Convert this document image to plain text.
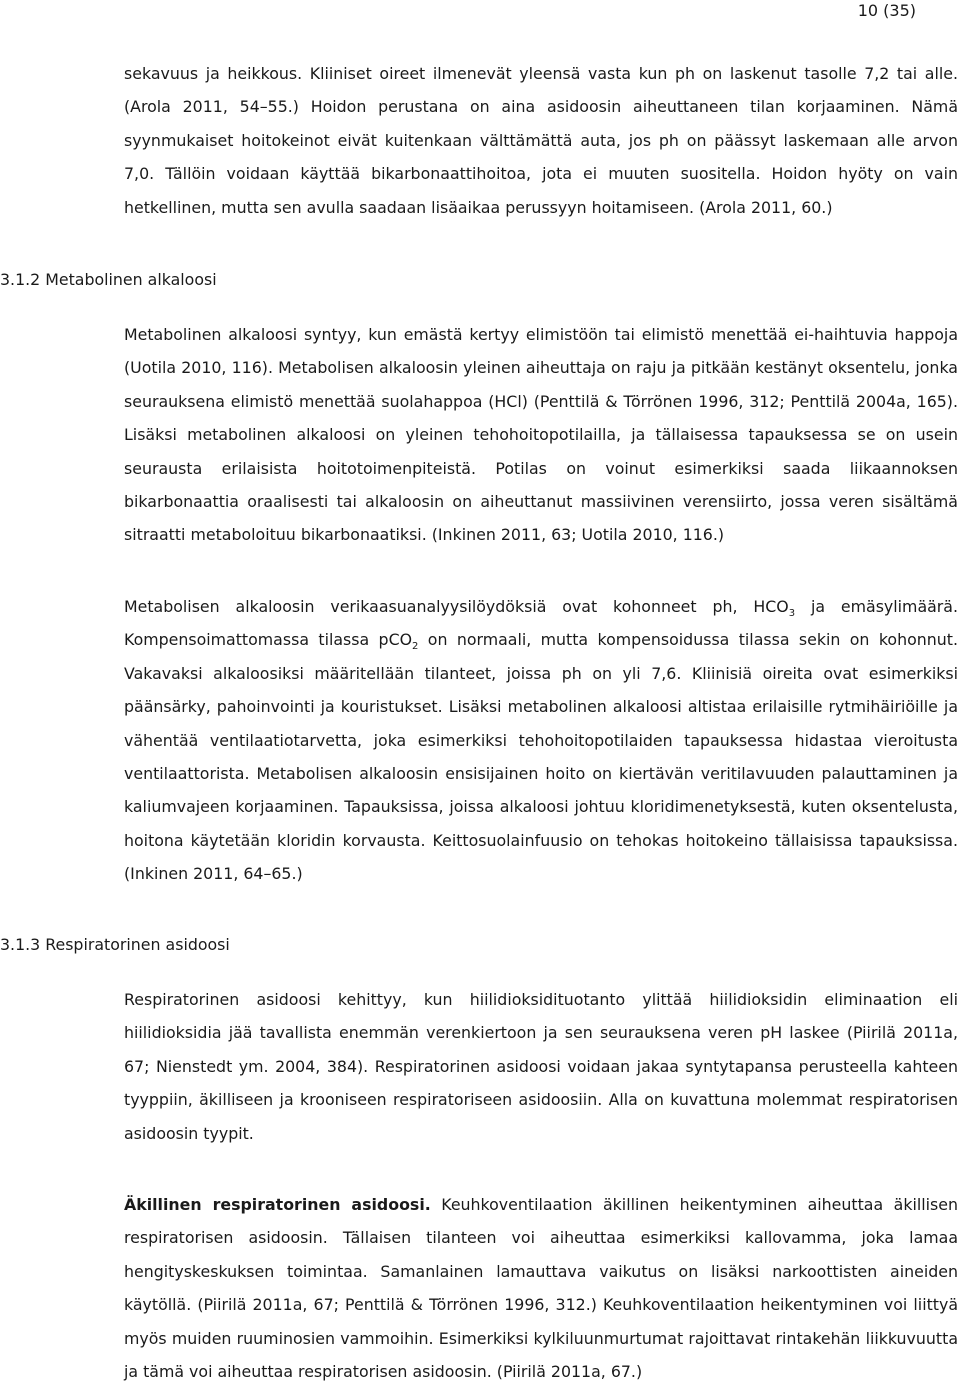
10 (35)

sekavuus ja heikkous. Kliiniset oireet ilmenevät yleensä vasta kun ph on laskenut tasolle 7,2 tai alle. (Arola 2011, 54–55.) Hoidon perustana on aina asidoosin aiheuttaneen tilan korjaaminen. Nämä syynmukaiset hoitokeinot eivät kuitenkaan välttämättä auta, jos ph on päässyt laskemaan alle arvon 7,0. Tällöin voidaan käyttää bikarbonaattihoitoa, jota ei muuten suositella. Hoidon hyöty on vain hetkellinen, mutta sen avulla saadaan lisäaikaa perussyyn hoitamiseen. (Arola 2011, 60.)

3.1.2 Metabolinen alkaloosi

Metabolinen alkaloosi syntyy, kun emästä kertyy elimistöön tai elimistö menettää ei-haihtuvia happoja (Uotila 2010, 116). Metabolisen alkaloosin yleinen aiheuttaja on raju ja pitkään kestänyt oksentelu, jonka seurauksena elimistö menettää suolahappoa (HCl) (Penttilä & Törrönen 1996, 312; Penttilä 2004a, 165). Lisäksi metabolinen alkaloosi on yleinen tehohoitopotilailla, ja tällaisessa tapauksessa se on usein seurausta erilaisista hoitotoimenpiteistä. Potilas on voinut esimerkiksi saada liikaannoksen bikarbonaattia oraalisesti tai alkaloosin on aiheuttanut massiivinen verensiirto, jossa veren sisältämä sitraatti metaboloituu bikarbonaatiksi. (Inkinen 2011, 63; Uotila 2010, 116.)

Metabolisen alkaloosin verikaasuanalyysilöydöksiä ovat kohonneet ph, $HCO_3$ ja emäsylimäärä. Kompensoimattomassa tilassa pCO$_2$ on normaali, mutta kompensoidussa tilassa sekin on kohonnut. Vakavaksi alkaloosiksi määritellään tilanteet, joissa ph on yli 7,6. Kliinisiä oireita ovat esimerkiksi päänsärky, pahoinvointi ja kouristukset. Lisäksi metabolinen alkaloosi altistaa erilaisille rytmihäiriöille ja vähentää ventilaatiotarvetta, joka esimerkiksi tehohoitopotilaiden tapauksessa hidastaa vieroitusta ventilaattorista. Metabolisen alkaloosin ensisijainen hoito on kiertävän veritilavuuden palauttaminen ja kaliumvajeen korjaaminen. Tapauksissa, joissa alkaloosi johtuu kloridimenetyksestä, kuten oksentelusta, hoitona käytetään kloridin korvausta. Keittosuolainfuusio on tehokas hoitokeino tällaisissa tapauksissa. (Inkinen 2011, 64–65.)

3.1.3 Respiratorinen asidoosi

Respiratorinen asidoosi kehittyy, kun hiilidioksidituotanto ylittää hiilidioksidin eliminaation eli hiilidioksidia jää tavallista enemmän verenkiertoon ja sen seurauksena veren pH laskee (Piirilä 2011a, 67; Nienstedt ym. 2004, 384). Respiratorinen asidoosi voidaan jakaa syntytapansa perusteella kahteen tyyppiin, äkilliseen ja krooniseen respiratoriseen asidoosiin. Alla on kuvattuna molemmat respiratorisen asidoosin tyypit.

Äkillinen respiratorinen asidoosi. Keuhkoventilaation äkillinen heikentyminen aiheuttaa äkillisen respiratorisen asidoosin. Tällaisen tilanteen voi aiheuttaa esimerkiksi kallovamma, joka lamaa hengityskeskuksen toimintaa. Samanlainen lamauttava vaikutus on lisäksi narkoottisten aineiden käytöllä. (Piirilä 2011a, 67; Penttilä & Törrönen 1996, 312.) Keuhkoventilaation heikentyminen voi liittyä myös muiden ruuminosien vammoihin. Esimerkiksi kylkiluunmurtumat rajoittavat rintakehän liikkuvuutta ja tämä voi aiheuttaa respiratorisen asidoosin. (Piirilä 2011a, 67.)
